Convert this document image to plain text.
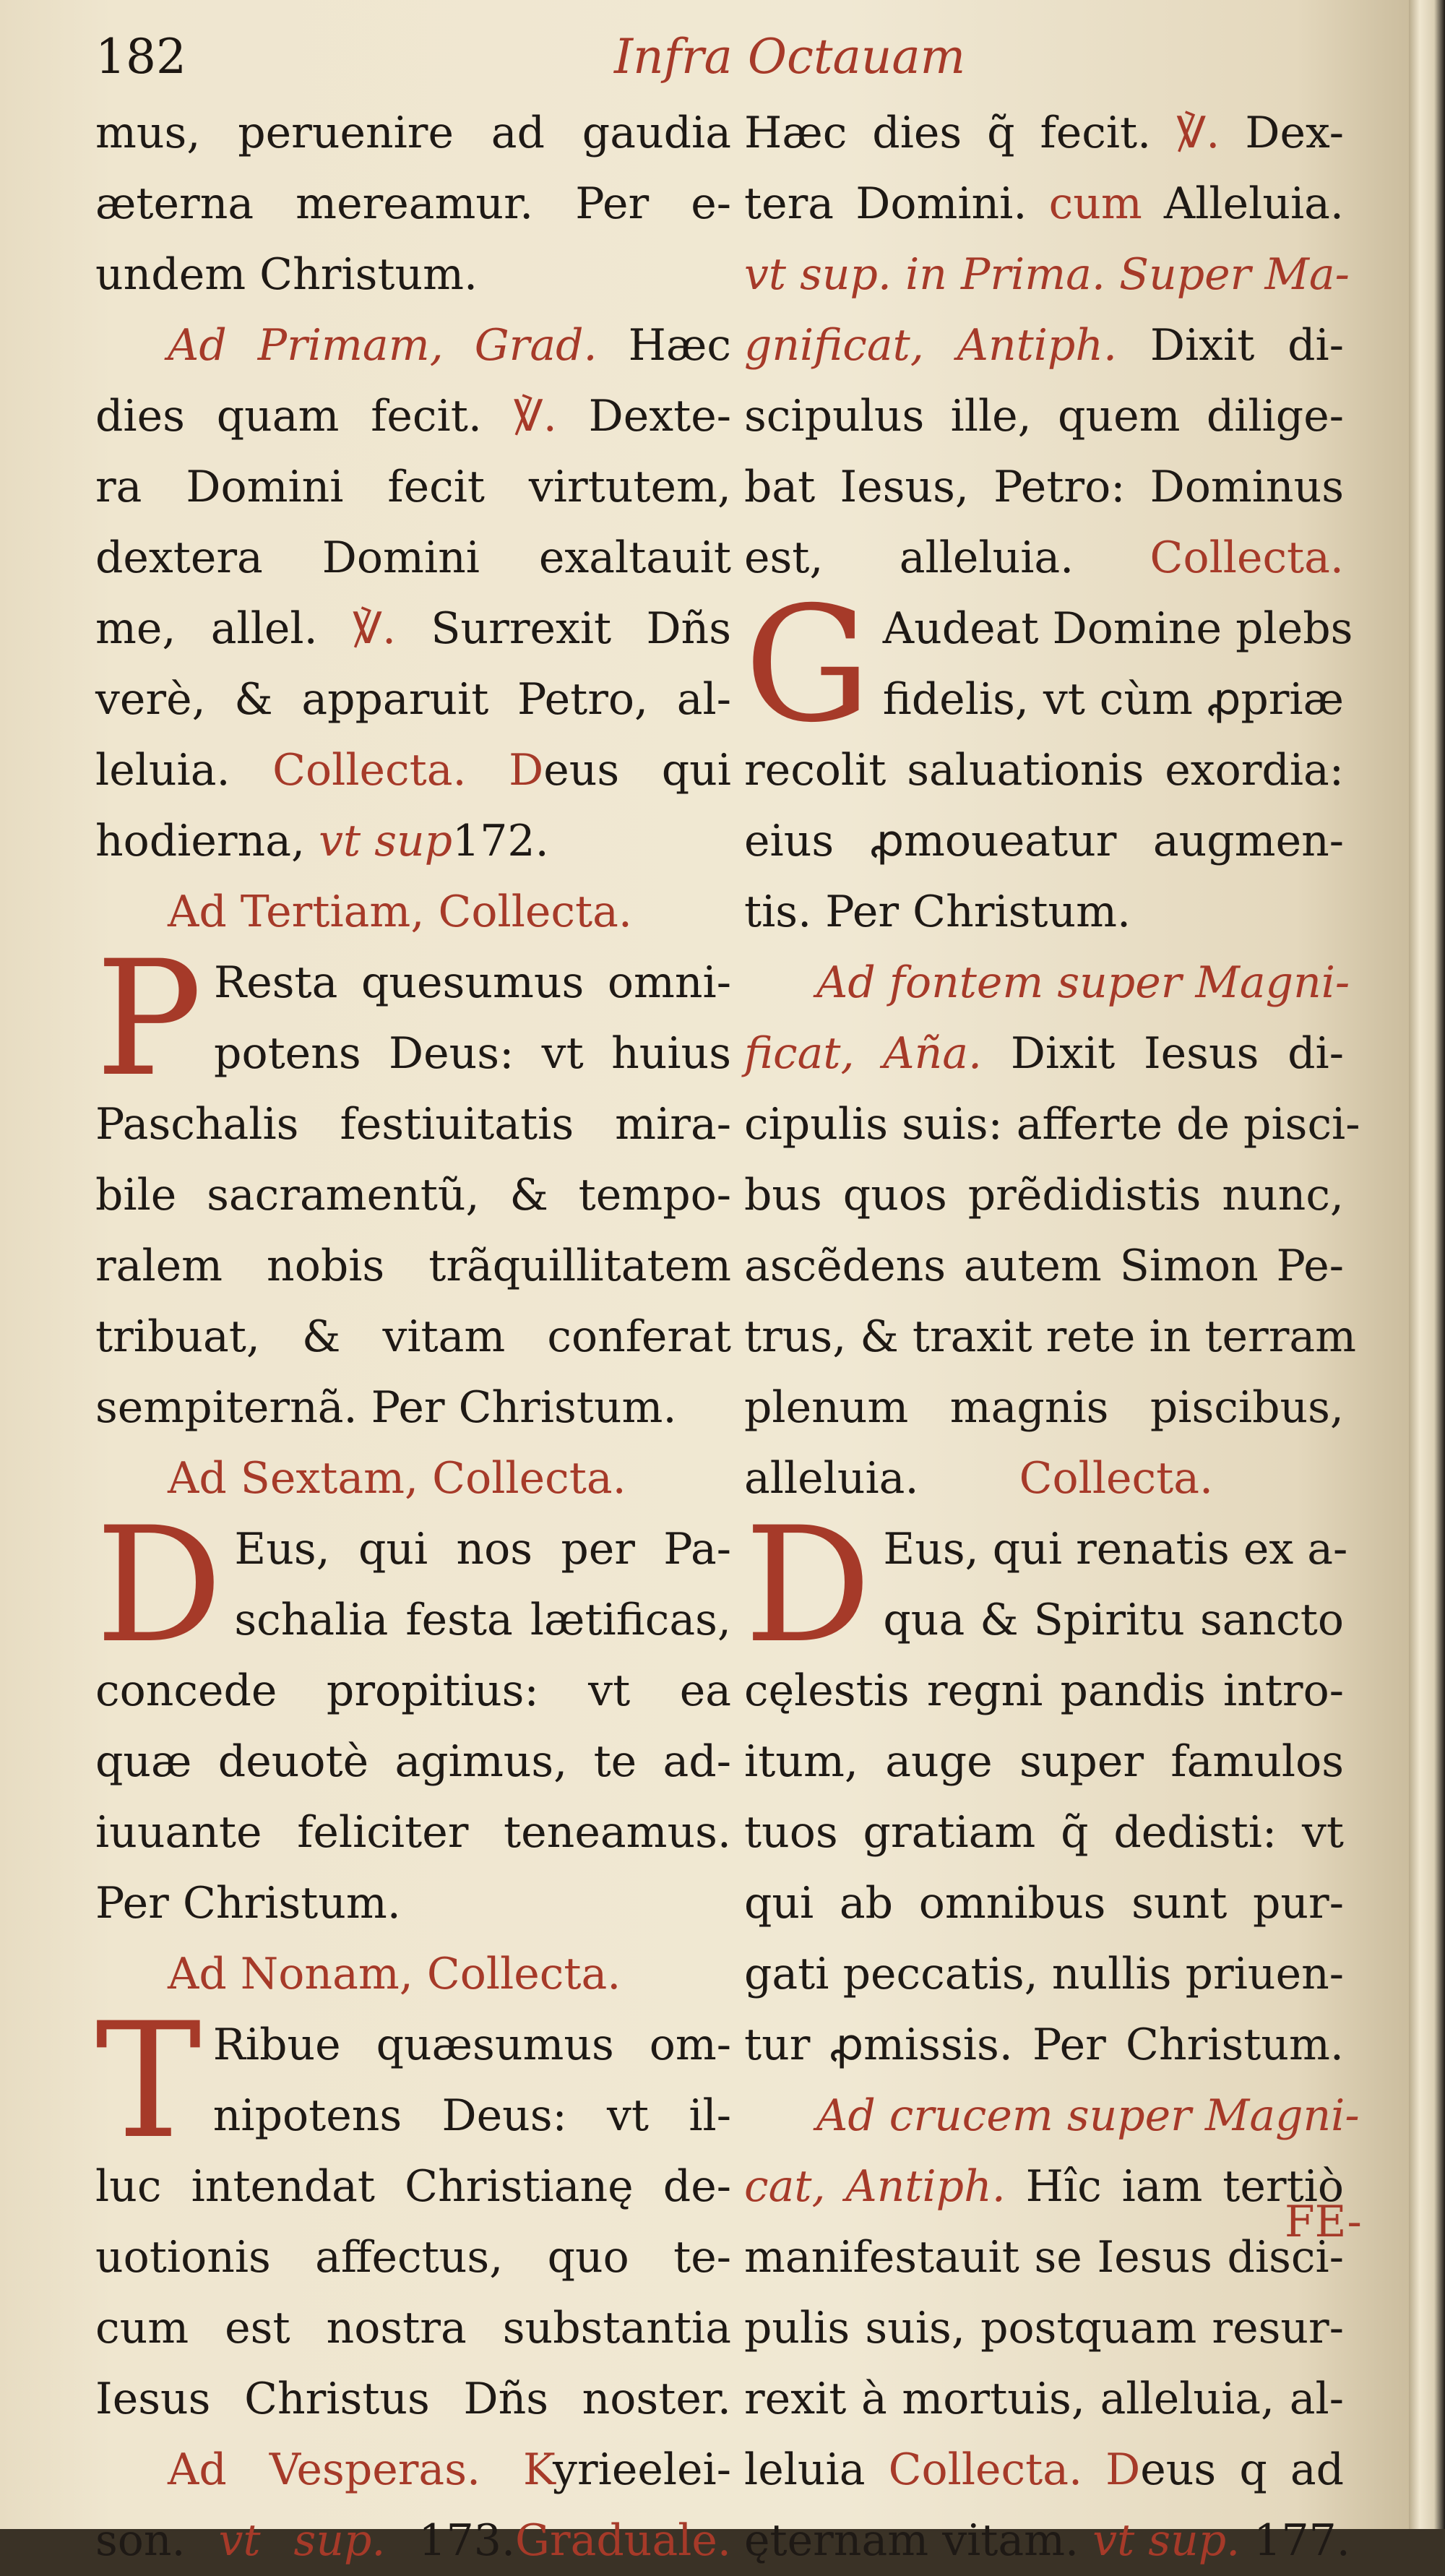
182	Infra Octauam
mus, peruenire ad gaudia
æterna mereamur. Per e-
undem Christum.
Ad Primam, Grad. Hæc
dies quam fecit. ℣. Dexte-
ra Domini fecit virtutem,
dextera Domini exaltauit
me, allel. ℣. Surrexit Dñs
verè, & apparuit Petro, al-
leluia. Collecta. Deus qui
hodierna, vt sup172.
Ad Tertiam, Collecta.
P Resta quesumus omni-
potens Deus: vt huius
Paschalis festiuitatis mira-
bile sacramentũ, & tempo-
ralem nobis trãquillitatem
tribuat, & vitam conferat
sempiternã. Per Christum.
Ad Sextam, Collecta.
D Eus, qui nos per Pa-
schalia festa lætificas,
concede propitius: vt ea
quæ deuotè agimus, te ad-
iuuante feliciter teneamus.
Per Christum.
Ad Nonam, Collecta.
T Ribue quæsumus om-
nipotens Deus: vt il-
luc intendat Christianę de-
uotionis affectus, quo te-
cum est nostra substantia
Iesus Christus Dñs noster.
Ad Vesperas. Kyrieelei-
son. vt sup. 173.Graduale.
Hæc dies q̃ fecit. ℣. Dex-
tera Domini. cum Alleluia.
vt sup. in Prima. Super Ma-
gnificat, Antiph. Dixit di-
scipulus ille, quem dilige-
bat Iesus, Petro: Dominus
est, alleluia. Collecta.
G Audeat Domine plebs
fidelis, vt cùm ꝓpriæ
recolit saluationis exordia:
eius ꝓmoueatur augmen-
tis. Per Christum.
Ad fontem super Magni-
ficat, Aña. Dixit Iesus di-
cipulis suis: afferte de pisci-
bus quos prẽdidistis nunc,
ascẽdens autem Simon Pe-
trus, & traxit rete in terram
plenum magnis piscibus,
alleluia. Collecta.
D Eus, qui renatis ex a-
qua & Spiritu sancto
cęlestis regni pandis intro-
itum, auge super famulos
tuos gratiam q̃ dedisti: vt
qui ab omnibus sunt pur-
gati peccatis, nullis priuen-
tur ꝓmissis. Per Christum.
Ad crucem super Magni-
cat, Antiph. Hîc iam tertiò
manifestauit se Iesus disci-
pulis suis, postquam resur-
rexit à mortuis, alleluia, al-
leluia Collecta. Deus q ad
ęternam vitam. vt sup. 177.
FE-
